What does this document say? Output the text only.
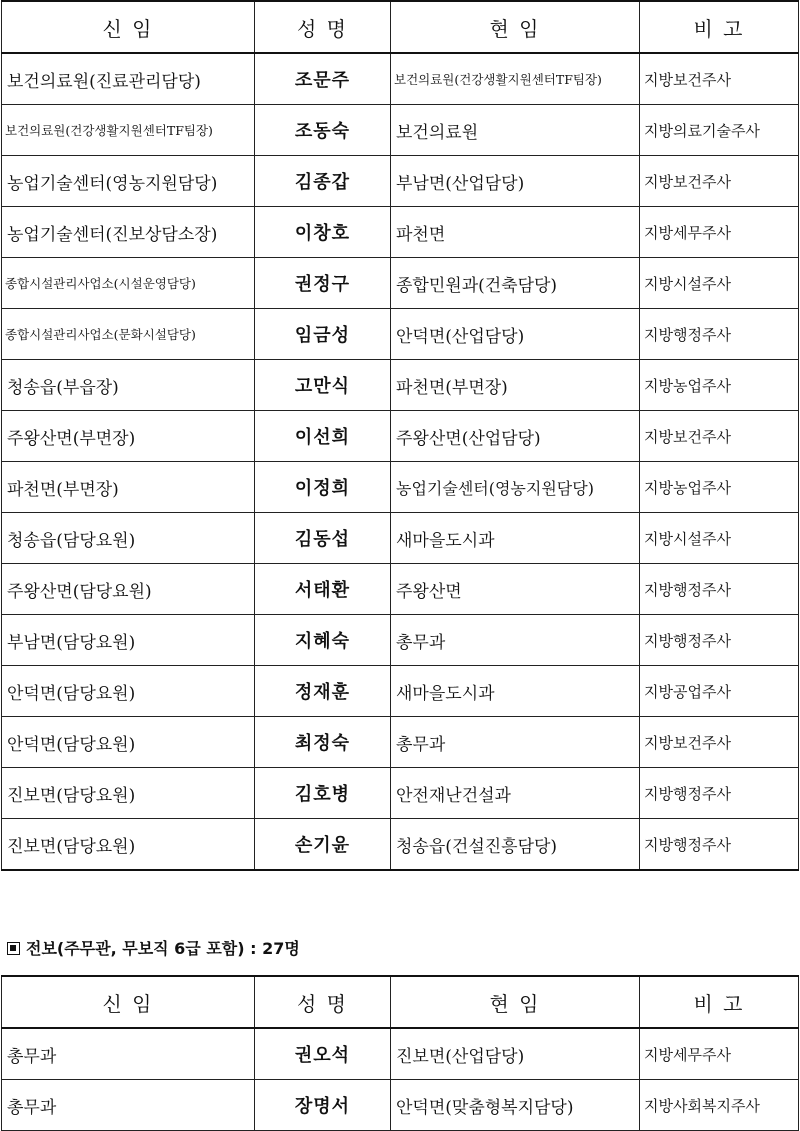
신 임	성 명	현 임	비 고
보건의료원(진료관리담당)	조문주	보건의료원(건강생활지원센터TF팀장)	지방보건주사
보건의료원(건강생활지원센터TF팀장)	조동숙	보건의료원	지방의료기술주사
농업기술센터(영농지원담당)	김종갑	부남면(산업담당)	지방보건주사
농업기술센터(진보상담소장)	이창호	파천면	지방세무주사
종합시설관리사업소(시설운영담당)	권정구	종합민원과(건축담당)	지방시설주사
종합시설관리사업소(문화시설담당)	임금성	안덕면(산업담당)	지방행정주사
청송읍(부읍장)	고만식	파천면(부면장)	지방농업주사
주왕산면(부면장)	이선희	주왕산면(산업담당)	지방보건주사
파천면(부면장)	이정희	농업기술센터(영농지원담당)	지방농업주사
청송읍(담당요원)	김동섭	새마을도시과	지방시설주사
주왕산면(담당요원)	서태환	주왕산면	지방행정주사
부남면(담당요원)	지혜숙	총무과	지방행정주사
안덕면(담당요원)	정재훈	새마을도시과	지방공업주사
안덕면(담당요원)	최정숙	총무과	지방보건주사
진보면(담당요원)	김호병	안전재난건설과	지방행정주사
진보면(담당요원)	손기윤	청송읍(건설진흥담당)	지방행정주사
전보(주무관, 무보직 6급 포함) : 27명
신 임	성 명	현 임	비 고
총무과	권오석	진보면(산업담당)	지방세무주사
총무과	장명서	안덕면(맞춤형복지담당)	지방사회복지주사
